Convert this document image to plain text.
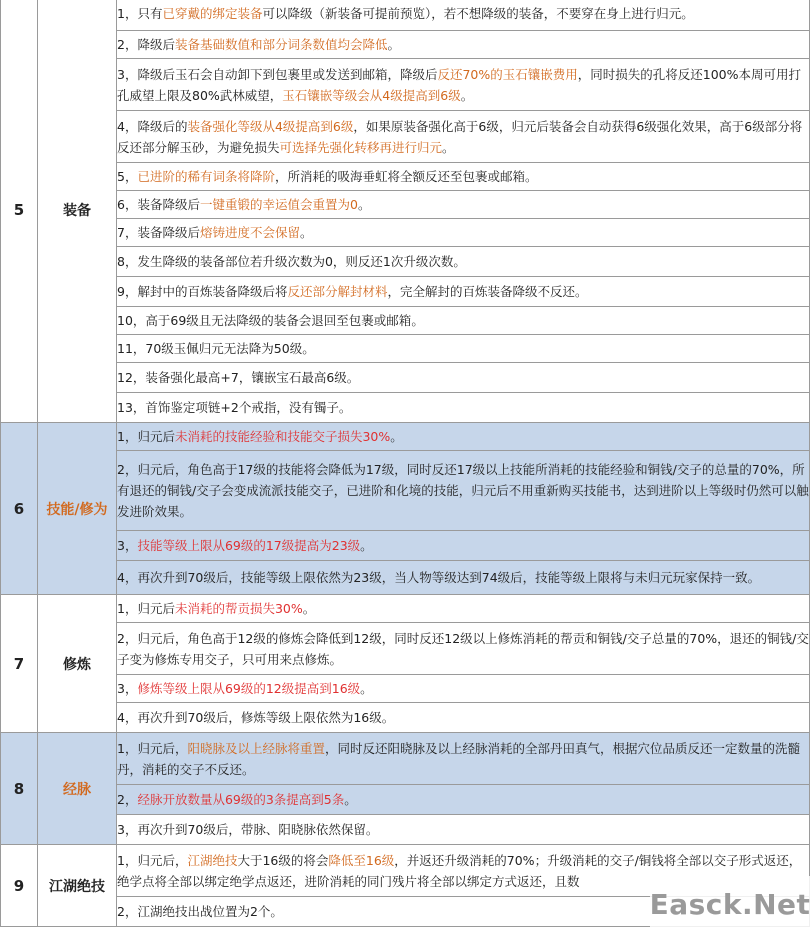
5	装备	1，只有已穿戴的绑定装备可以降级（新装备可提前预览），若不想降级的装备，不要穿在身上进行归元。
		2，降级后装备基础数值和部分词条数值均会降低。
		3，降级后玉石会自动卸下到包裹里或发送到邮箱，降级后反还70%的玉石镶嵌费用，同时损失的孔将反还100%本周可用打孔威望上限及80%武林威望，玉石镶嵌等级会从4级提高到6级。
		4，降级后的装备强化等级从4级提高到6级，如果原装备强化高于6级，归元后装备会自动获得6级强化效果，高于6级部分将反还部分解玉砂，为避免损失可选择先强化转移再进行归元。
		5，已进阶的稀有词条将降阶，所消耗的吸海垂虹将全额反还至包裹或邮箱。
		6，装备降级后一键重锻的幸运值会重置为0。
		7，装备降级后熔铸进度不会保留。
		8，发生降级的装备部位若升级次数为0，则反还1次升级次数。
		9，解封中的百炼装备降级后将反还部分解封材料，完全解封的百炼装备降级不反还。
		10，高于69级且无法降级的装备会退回至包裹或邮箱。
		11，70级玉佩归元无法降为50级。
		12，装备强化最高+7，镶嵌宝石最高6级。
		13，首饰鉴定项链+2个戒指，没有镯子。
6	技能/修为	1，归元后未消耗的技能经验和技能交子损失30%。
		2，归元后，角色高于17级的技能将会降低为17级，同时反还17级以上技能所消耗的技能经验和铜钱/交子的总量的70%，所有退还的铜钱/交子会变成流派技能交子，已进阶和化境的技能，归元后不用重新购买技能书，达到进阶以上等级时仍然可以触发进阶效果。
		3，技能等级上限从69级的17级提高为23级。
		4，再次升到70级后，技能等级上限依然为23级，当人物等级达到74级后，技能等级上限将与未归元玩家保持一致。
7	修炼	1，归元后未消耗的帮贡损失30%。
		2，归元后，角色高于12级的修炼会降低到12级，同时反还12级以上修炼消耗的帮贡和铜钱/交子总量的70%，退还的铜钱/交子变为修炼专用交子，只可用来点修炼。
		3，修炼等级上限从69级的12级提高到16级。
		4，再次升到70级后，修炼等级上限依然为16级。
8	经脉	1，归元后，阳晓脉及以上经脉将重置，同时反还阳晓脉及以上经脉消耗的全部丹田真气，根据穴位品质反还一定数量的洗髓丹，消耗的交子不反还。
		2，经脉开放数量从69级的3条提高到5条。
		3，再次升到70级后，带脉、阳晓脉依然保留。
9	江湖绝技	1，归元后，江湖绝技大于16级的将会降低至16级，并返还升级消耗的70%；升级消耗的交子/铜钱将全部以交子形式返还，绝学点将全部以绑定绝学点返还，进阶消耗的同门残片将全部以绑定方式返还，且数
		2，江湖绝技出战位置为2个。	Easck.Net
